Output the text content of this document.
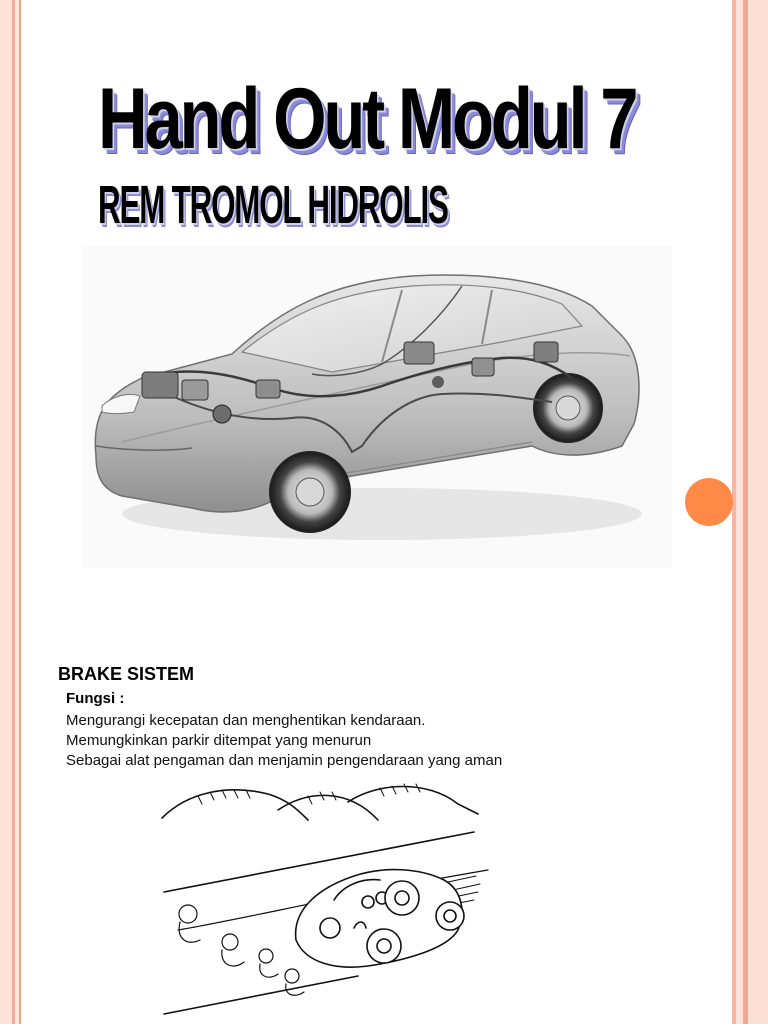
Hand Out Modul 7
REM TROMOL HIDROLIS
BRAKE SISTEM

Fungsi :

Mengurangi kecepatan dan menghentikan kendaraan.
Memungkinkan parkir ditempat yang menurun
Sebagai alat pengaman dan menjamin pengendaraan yang aman
